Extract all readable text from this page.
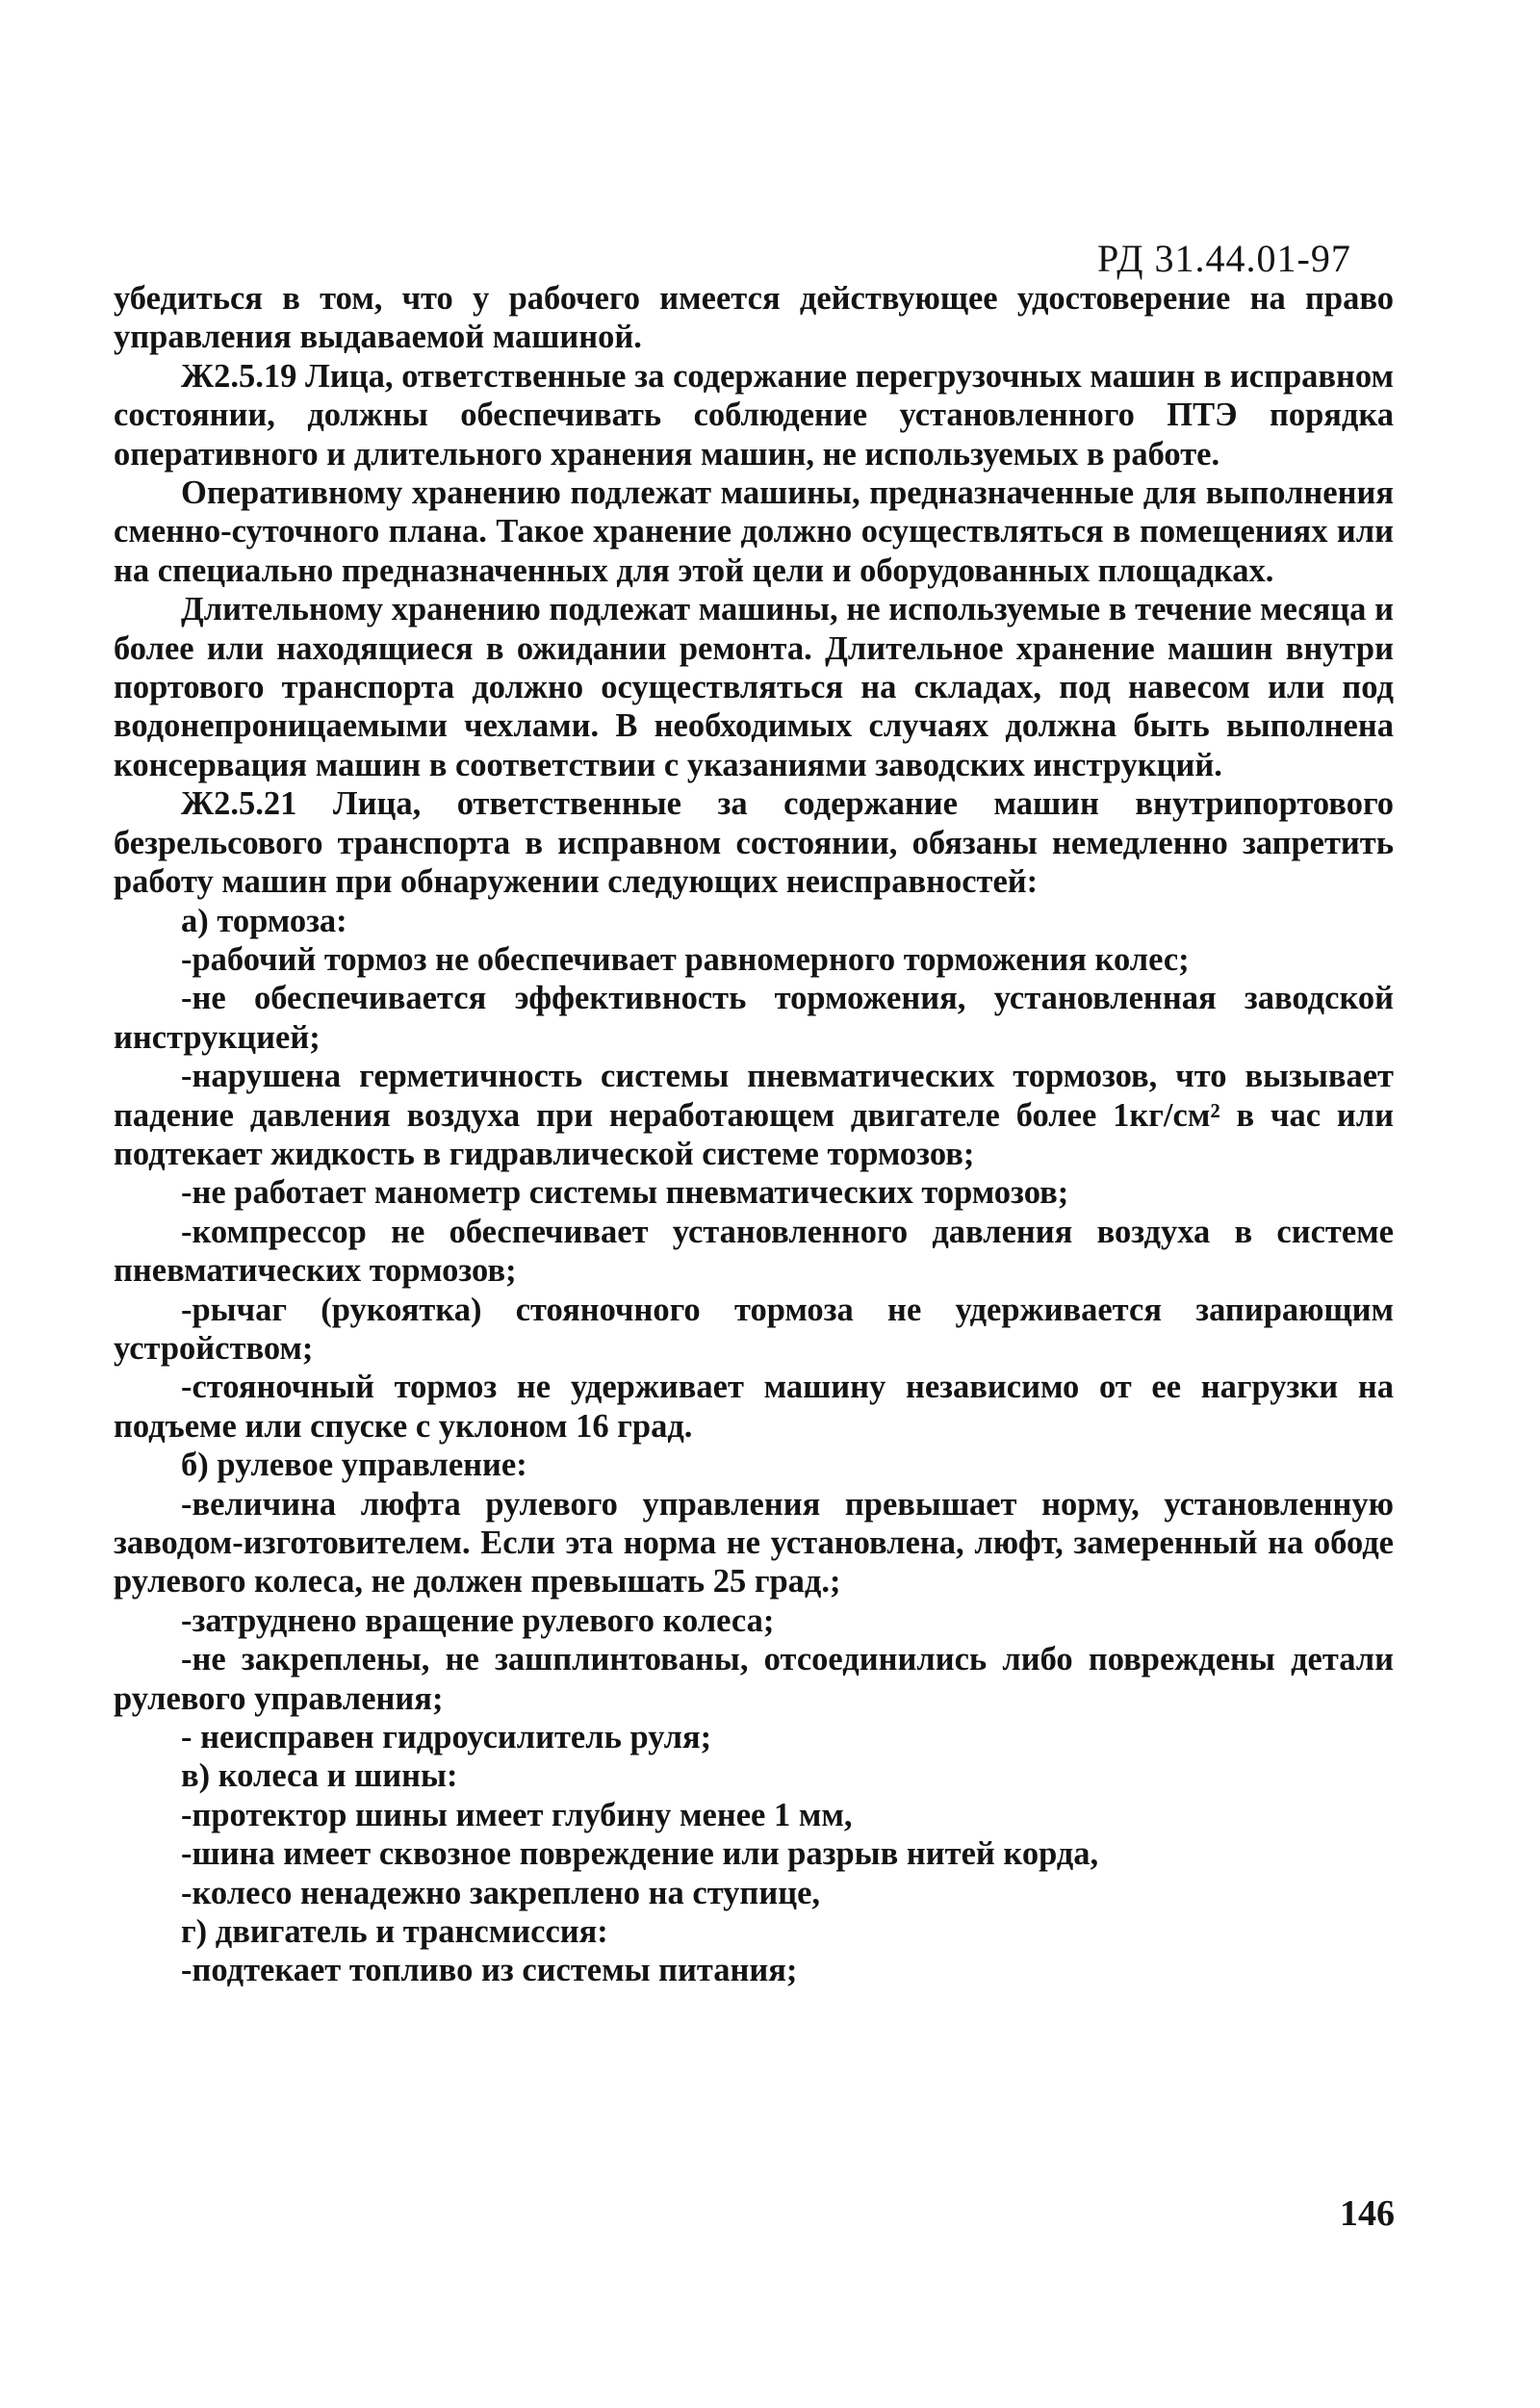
РД 31.44.01-97

убедиться в том, что у рабочего имеется действующее удостоверение на право управления выдаваемой машиной.

Ж2.5.19 Лица, ответственные за содержание перегрузочных машин в исправном состоянии, должны обеспечивать соблюдение установленного ПТЭ порядка оперативного и длительного хранения машин, не используемых в работе.

Оперативному хранению подлежат машины, предназначенные для выполнения сменно-суточного плана. Такое хранение должно осуществляться в помещениях или на специально предназначенных для этой цели и оборудованных площадках.

Длительному хранению подлежат машины, не используемые в течение месяца и более или находящиеся в ожидании ремонта. Длительное хранение машин внутри портового транспорта должно осуществляться на складах, под навесом или под водонепроницаемыми чехлами. В необходимых случаях должна быть выполнена консервация машин в соответствии с указаниями заводских инструкций.

Ж2.5.21 Лица, ответственные за содержание машин внутрипортового безрельсового транспорта в исправном состоянии, обязаны немедленно запретить работу машин при обнаружении следующих неисправностей:

а) тормоза:

-рабочий тормоз не обеспечивает равномерного торможения колес;

-не обеспечивается эффективность торможения, установленная заводской инструкцией;

-нарушена герметичность системы пневматических тормозов, что вызывает падение давления воздуха при неработающем двигателе более 1кг/см² в час или подтекает жидкость в гидравлической системе тормозов;

-не работает манометр системы пневматических тормозов;

-компрессор не обеспечивает установленного давления воздуха в системе пневматических тормозов;

-рычаг (рукоятка) стояночного тормоза не удерживается запирающим устройством;

-стояночный тормоз не удерживает машину независимо от ее нагрузки на подъеме или спуске с уклоном 16 град.

б) рулевое управление:

-величина люфта рулевого управления превышает норму, установленную заводом-изготовителем. Если эта норма не установлена, люфт, замеренный на ободе рулевого колеса, не должен превышать 25 град.;

-затруднено вращение рулевого колеса;

-не закреплены, не зашплинтованы, отсоединились либо повреждены детали рулевого управления;

- неисправен гидроусилитель руля;

в) колеса и шины:

-протектор шины имеет глубину менее 1 мм,

-шина имеет сквозное повреждение или разрыв нитей корда,

-колесо ненадежно закреплено на ступице,

г) двигатель и трансмиссия:

-подтекает топливо из системы питания;

146
